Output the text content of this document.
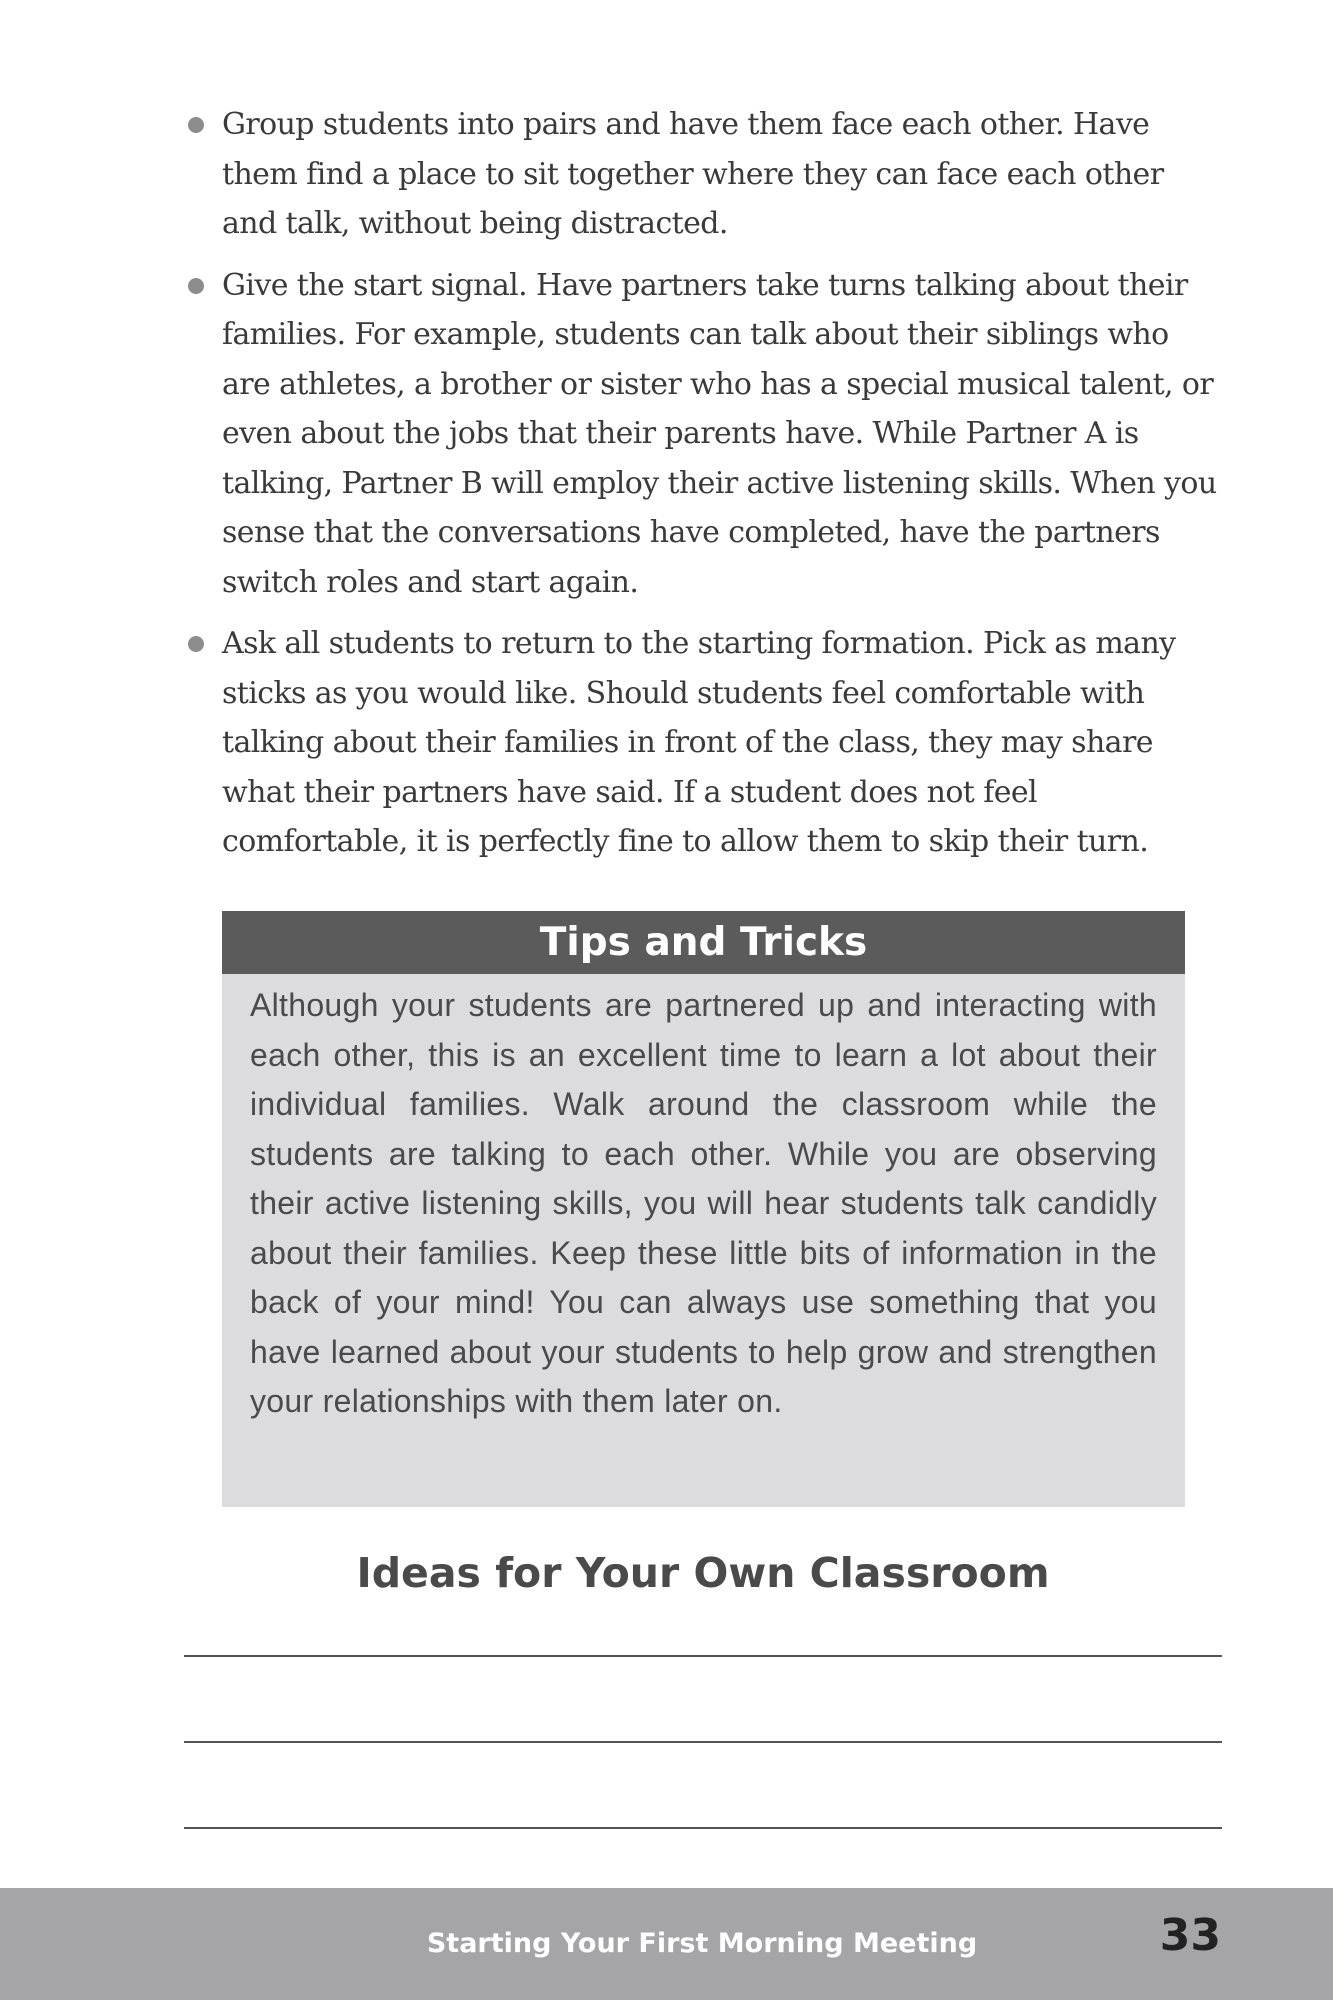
Group students into pairs and have them face each other. Have them find a place to sit together where they can face each other and talk, without being distracted.
Give the start signal. Have partners take turns talking about their families. For example, students can talk about their siblings who are athletes, a brother or sister who has a special musical talent, or even about the jobs that their parents have. While Partner A is talking, Partner B will employ their active listening skills. When you sense that the conversations have completed, have the partners switch roles and start again.
Ask all students to return to the starting formation. Pick as many sticks as you would like. Should students feel comfortable with talking about their families in front of the class, they may share what their partners have said. If a student does not feel comfortable, it is perfectly fine to allow them to skip their turn.
Tips and Tricks
Although your students are partnered up and interacting with each other, this is an excellent time to learn a lot about their individual families. Walk around the classroom while the students are talking to each other. While you are observing their active listening skills, you will hear students talk candidly about their families. Keep these little bits of information in the back of your mind! You can always use something that you have learned about your students to help grow and strengthen your relationships with them later on.
Ideas for Your Own Classroom
Starting Your First Morning Meeting	33
